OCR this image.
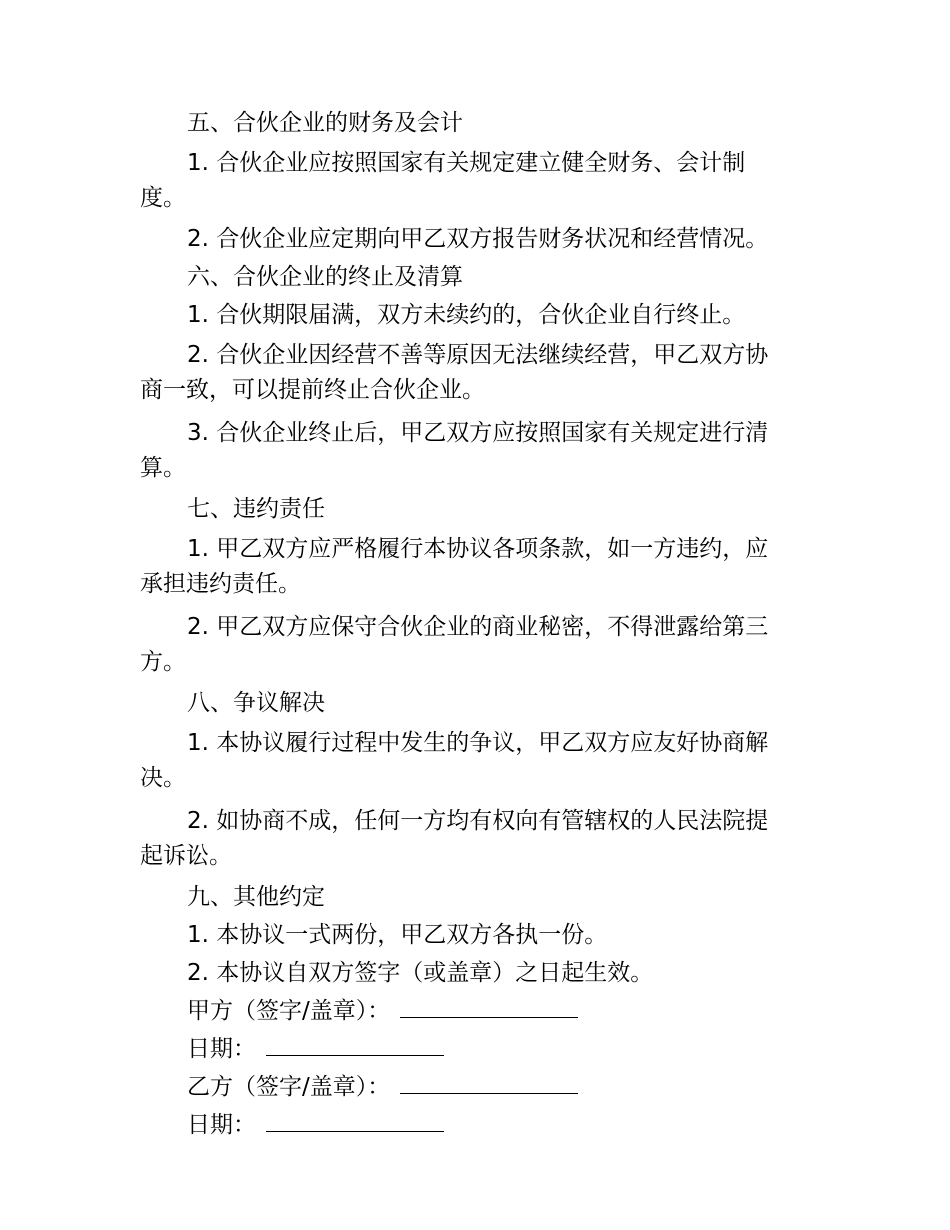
五、合伙企业的财务及会计

1. 合伙企业应按照国家有关规定建立健全财务、会计制
度。

2. 合伙企业应定期向甲乙双方报告财务状况和经营情况。

六、合伙企业的终止及清算

1. 合伙期限届满，双方未续约的，合伙企业自行终止。

2. 合伙企业因经营不善等原因无法继续经营，甲乙双方协
商一致，可以提前终止合伙企业。

3. 合伙企业终止后，甲乙双方应按照国家有关规定进行清
算。

七、违约责任

1. 甲乙双方应严格履行本协议各项条款，如一方违约，应
承担违约责任。

2. 甲乙双方应保守合伙企业的商业秘密，不得泄露给第三
方。

八、争议解决

1. 本协议履行过程中发生的争议，甲乙双方应友好协商解
决。

2. 如协商不成，任何一方均有权向有管辖权的人民法院提
起诉讼。

九、其他约定

1. 本协议一式两份，甲乙双方各执一份。

2. 本协议自双方签字（或盖章）之日起生效。

甲方（签字/盖章）：

日期：

乙方（签字/盖章）：

日期：
